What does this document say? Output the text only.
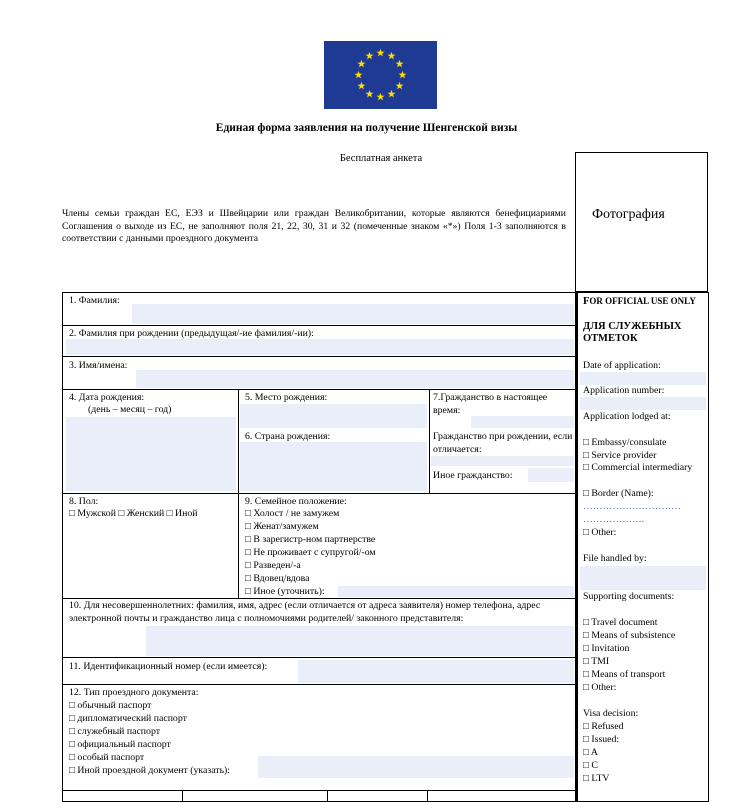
Единая форма заявления на получение Шенгенской визы
Бесплатная анкета
Члены семьи граждан ЕС, ЕЭЗ и Швейцарии или граждан Великобритании, которые являются бенефициариями Соглашения о выходе из ЕС, не заполняют поля 21, 22, 30, 31 и 32 (помеченные знаком «*») Поля 1-3 заполняются в соответствии с данными проездного документа
Фотография
1. Фамилия:
2. Фамилия при рождении (предыдущая/-ие фамилия/-ии):
3. Имя/имена:
4. Дата рождения:
(день – месяц – год)
5. Место рождения:
6. Страна рождения:
7.Гражданство в настоящее время:
Гражданство при рождении, если отличается:
Иное гражданство:
8. Пол:
□ Мужской □ Женский □ Иной
9. Семейное положение:
□ Холост / не замужем
□ Женат/замужем
□ В зарегистр-ном партнерстве
□ Не проживает с супругой/-ом
□ Разведен/-а
□ Вдовец/вдова
□ Иное (уточнить):
10. Для несовершеннолетних: фамилия, имя, адрес (если отличается от адреса заявителя) номер телефона, адрес электронной почты и гражданство лица с полномочиями родителей/ законного представителя:
11. Идентификационный номер (если имеется):
12. Тип проездного документа:
□ обычный паспорт
□ дипломатический паспорт
□ служебный паспорт
□ официальный паспорт
□ особый паспорт
□ Иной проездной документ (указать):
FOR OFFICIAL USE ONLY
ДЛЯ СЛУЖЕБНЫХ ОТМЕТОК
Date of application:
Application number:
Application lodged at:
□ Embassy/consulate
□ Service provider
□ Commercial intermediary
□ Border (Name):
…………………………
……………….
□ Other:
File handled by:
Supporting documents:
□ Travel document
□ Means of subsistence
□ Invitation
□ TMI
□ Means of transport
□ Other:
Visa decision:
□ Refused
□ Issued:
□ A
□ C
□ LTV
